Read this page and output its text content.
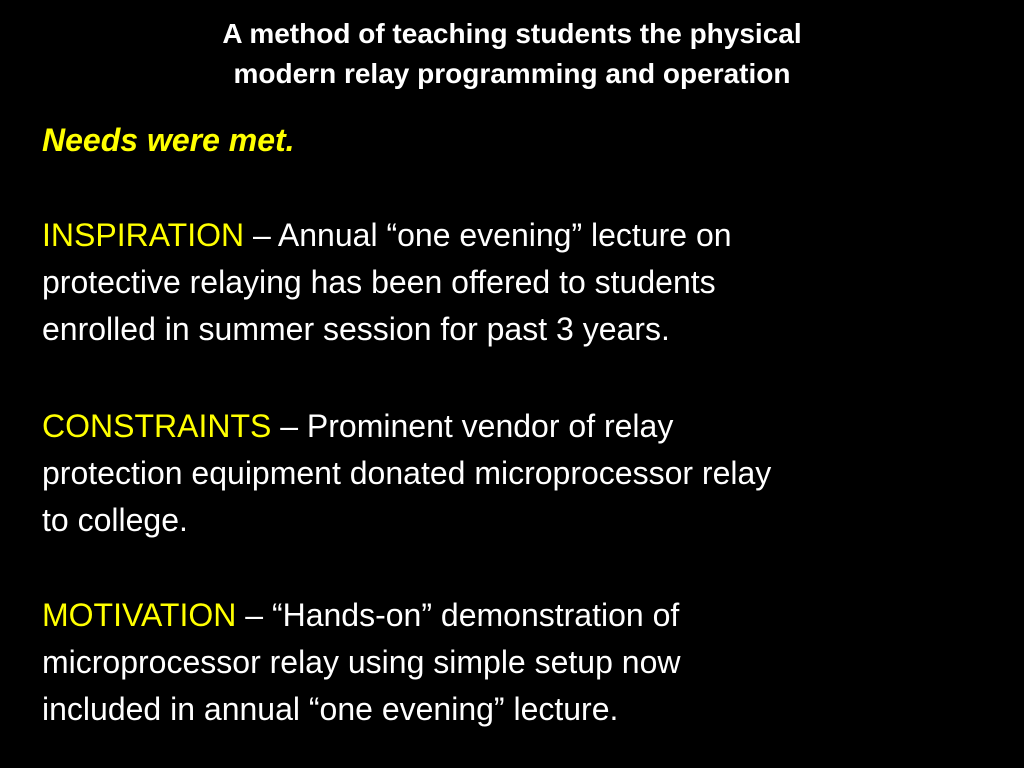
A method of teaching students the physical
modern relay programming and operation
Needs were met.
INSPIRATION – Annual “one evening” lecture on
protective relaying has been offered to students
enrolled in summer session for past 3 years.
CONSTRAINTS – Prominent vendor of relay
protection equipment donated microprocessor relay
to college.
MOTIVATION – “Hands-on” demonstration of
microprocessor relay using simple setup now
included in annual “one evening” lecture.
